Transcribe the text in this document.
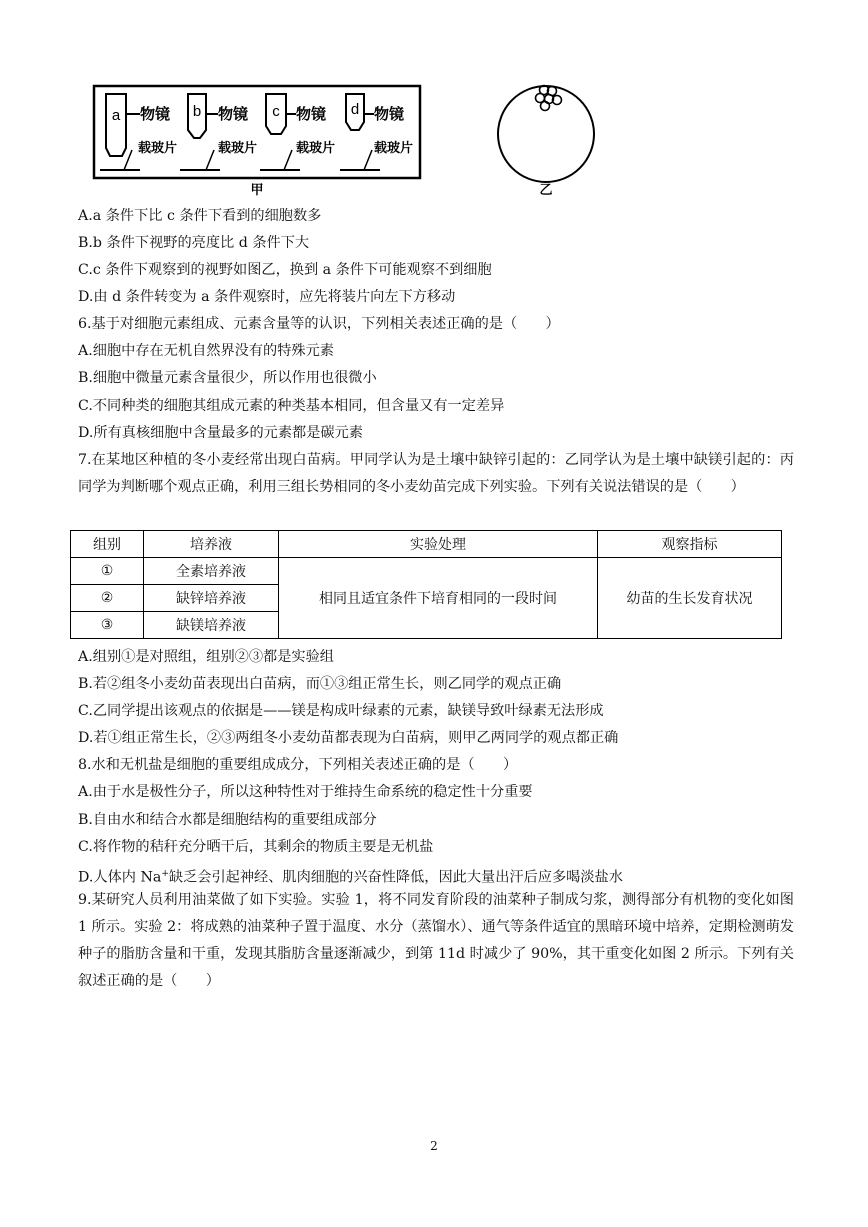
a 物镜
载玻片
b 物镜
载玻片
c 物镜
载玻片
d 物镜
载玻片
甲	乙
A.a 条件下比 c 条件下看到的细胞数多
B.b 条件下视野的亮度比 d 条件下大
C.c 条件下观察到的视野如图乙，换到 a 条件下可能观察不到细胞
D.由 d 条件转变为 a 条件观察时，应先将装片向左下方移动
6.基于对细胞元素组成、元素含量等的认识，下列相关表述正确的是（　　）
A.细胞中存在无机自然界没有的特殊元素
B.细胞中微量元素含量很少，所以作用也很微小
C.不同种类的细胞其组成元素的种类基本相同，但含量又有一定差异
D.所有真核细胞中含量最多的元素都是碳元素
7.在某地区种植的冬小麦经常出现白苗病。甲同学认为是土壤中缺锌引起的：乙同学认为是土壤中缺镁引起的：丙同学为判断哪个观点正确，利用三组长势相同的冬小麦幼苗完成下列实验。下列有关说法错误的是（　　）
组别	培养液	实验处理	观察指标
①	全素培养液	相同且适宜条件下培育相同的一段时间	幼苗的生长发育状况
②	缺锌培养液		
③	缺镁培养液		
A.组别①是对照组，组别②③都是实验组
B.若②组冬小麦幼苗表现出白苗病，而①③组正常生长，则乙同学的观点正确
C.乙同学提出该观点的依据是——镁是构成叶绿素的元素，缺镁导致叶绿素无法形成
D.若①组正常生长，②③两组冬小麦幼苗都表现为白苗病，则甲乙两同学的观点都正确
8.水和无机盐是细胞的重要组成成分，下列相关表述正确的是（　　）
A.由于水是极性分子，所以这种特性对于维持生命系统的稳定性十分重要
B.自由水和结合水都是细胞结构的重要组成部分
C.将作物的秸秆充分晒干后，其剩余的物质主要是无机盐
D.人体内 Na+缺乏会引起神经、肌肉细胞的兴奋性降低，因此大量出汗后应多喝淡盐水
9.某研究人员利用油菜做了如下实验。实验 1，将不同发育阶段的油菜种子制成匀浆，测得部分有机物的变化如图 1 所示。实验 2：将成熟的油菜种子置于温度、水分（蒸馏水）、通气等条件适宜的黑暗环境中培养，定期检测萌发种子的脂肪含量和干重，发现其脂肪含量逐渐减少，到第 11d 时减少了 90%，其干重变化如图 2 所示。下列有关叙述正确的是（　　）
2
